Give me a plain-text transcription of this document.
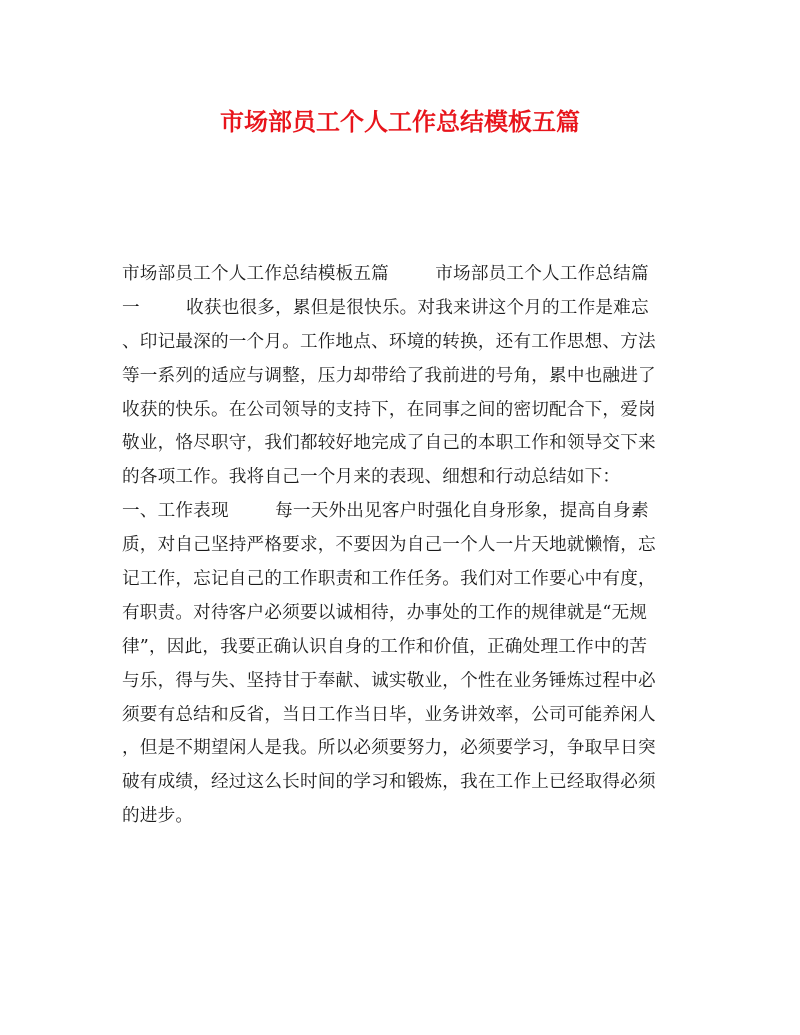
市场部员工个人工作总结模板五篇
市场部员工个人工作总结模板五篇        市场部员工个人工作总结篇
一        收获也很多，累但是很快乐。对我来讲这个月的工作是难忘
、印记最深的一个月。工作地点、环境的转换，还有工作思想、方法
等一系列的适应与调整，压力却带给了我前进的号角，累中也融进了
收获的快乐。在公司领导的支持下，在同事之间的密切配合下，爱岗
敬业，恪尽职守，我们都较好地完成了自己的本职工作和领导交下来
的各项工作。我将自己一个月来的表现、细想和行动总结如下：
一、工作表现        每一天外出见客户时强化自身形象，提高自身素
质，对自己坚持严格要求，不要因为自己一个人一片天地就懒惰，忘
记工作，忘记自己的工作职责和工作任务。我们对工作要心中有度，
有职责。对待客户必须要以诚相待，办事处的工作的规律就是“无规
律”，因此，我要正确认识自身的工作和价值，正确处理工作中的苦
与乐，得与失、坚持甘于奉献、诚实敬业，个性在业务锤炼过程中必
须要有总结和反省，当日工作当日毕，业务讲效率，公司可能养闲人
，但是不期望闲人是我。所以必须要努力，必须要学习，争取早日突
破有成绩，经过这么长时间的学习和锻炼，我在工作上已经取得必须
的进步。
